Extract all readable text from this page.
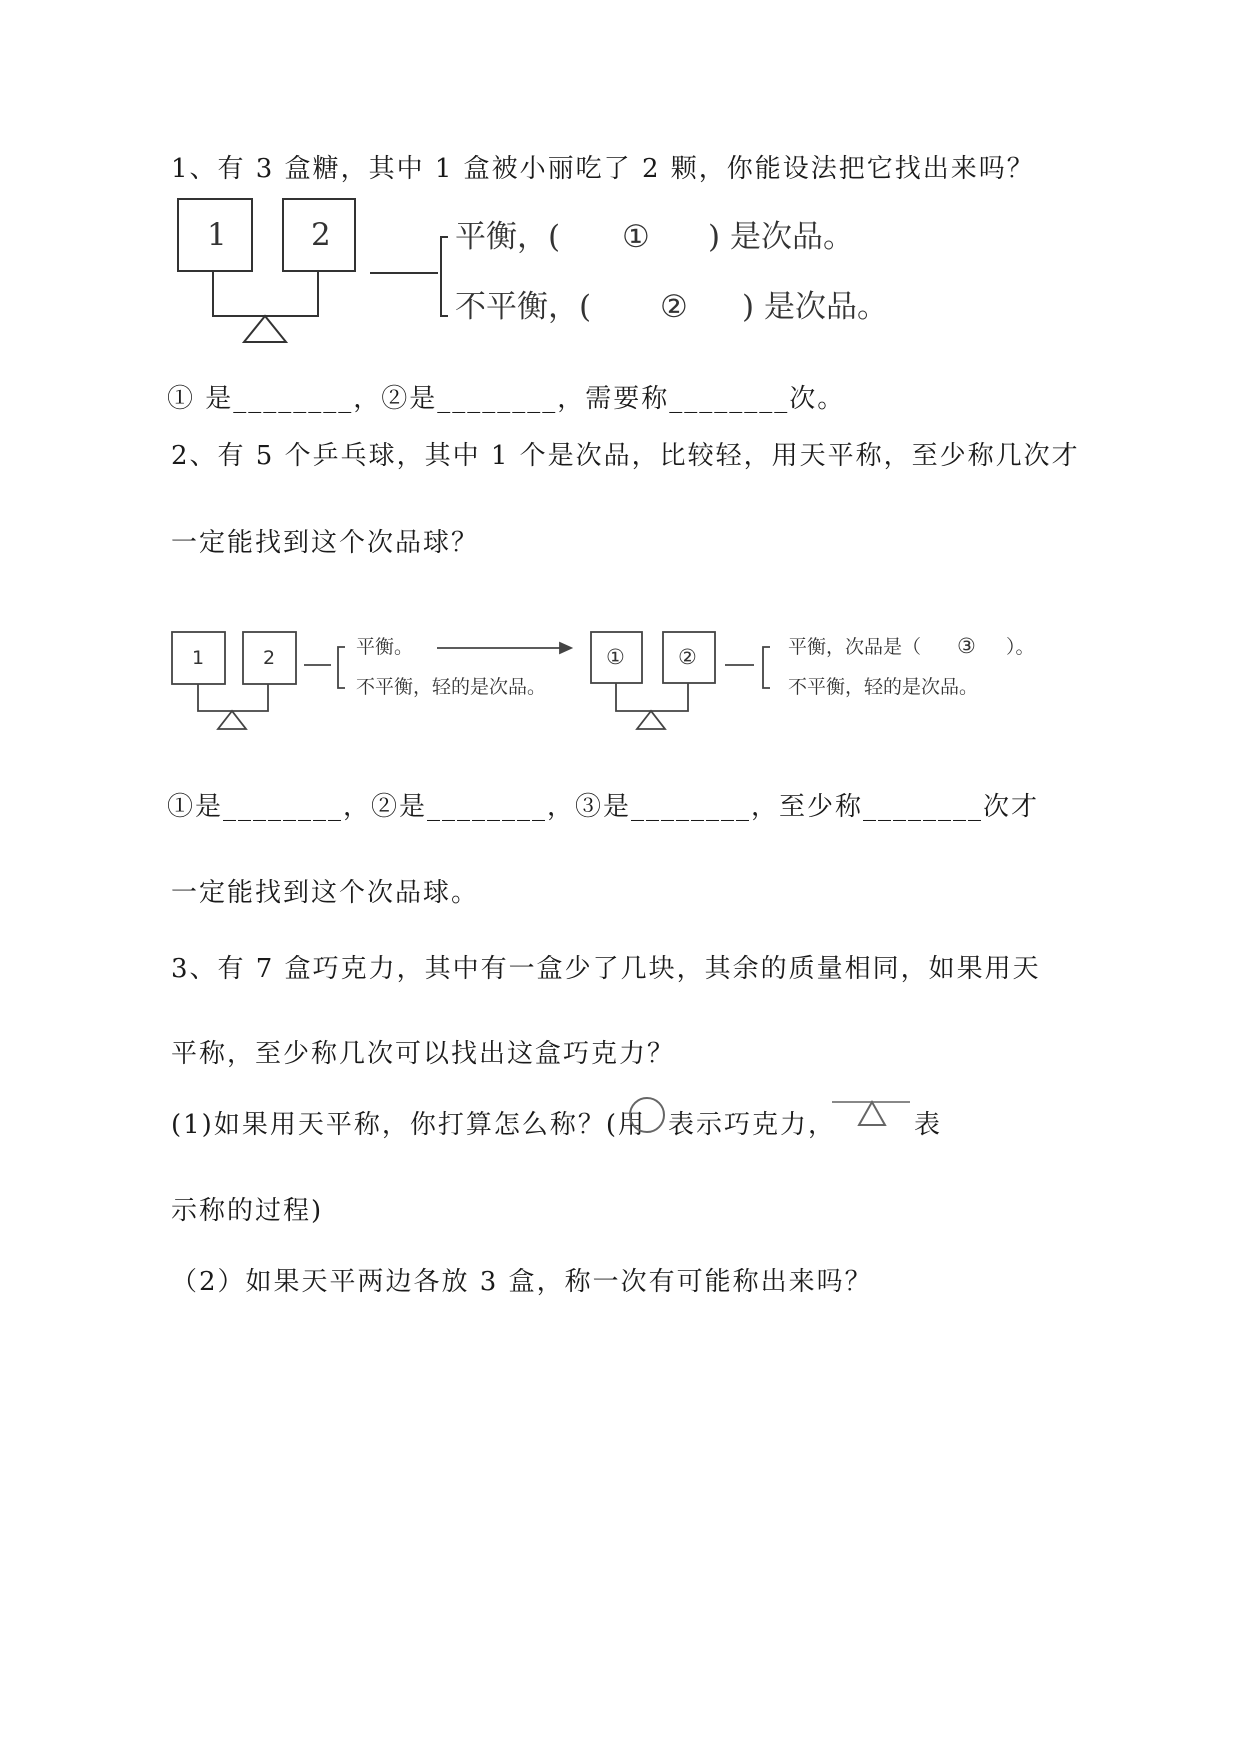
1、有 3 盒糖，其中 1 盒被小丽吃了 2 颗，你能设法把它找出来吗？
1	2	平衡，( ① ) 是次品。
不平衡，( ② ) 是次品。
① 是________，②是________，需要称________次。
2、有 5 个乒乓球，其中 1 个是次品，比较轻，用天平称，至少称几次才
一定能找到这个次品球？
1	2	平衡。
不平衡，轻的是次品。
①	②	平衡，次品是（ ③ ）。
不平衡，轻的是次品。
①是________，②是________，③是________，至少称________次才
一定能找到这个次品球。
3、有 7 盒巧克力，其中有一盒少了几块，其余的质量相同，如果用天
平称，至少称几次可以找出这盒巧克力？
(1)如果用天平称，你打算怎么称？(用 表示巧克力，	表
示称的过程)
（2）如果天平两边各放 3 盒，称一次有可能称出来吗？
